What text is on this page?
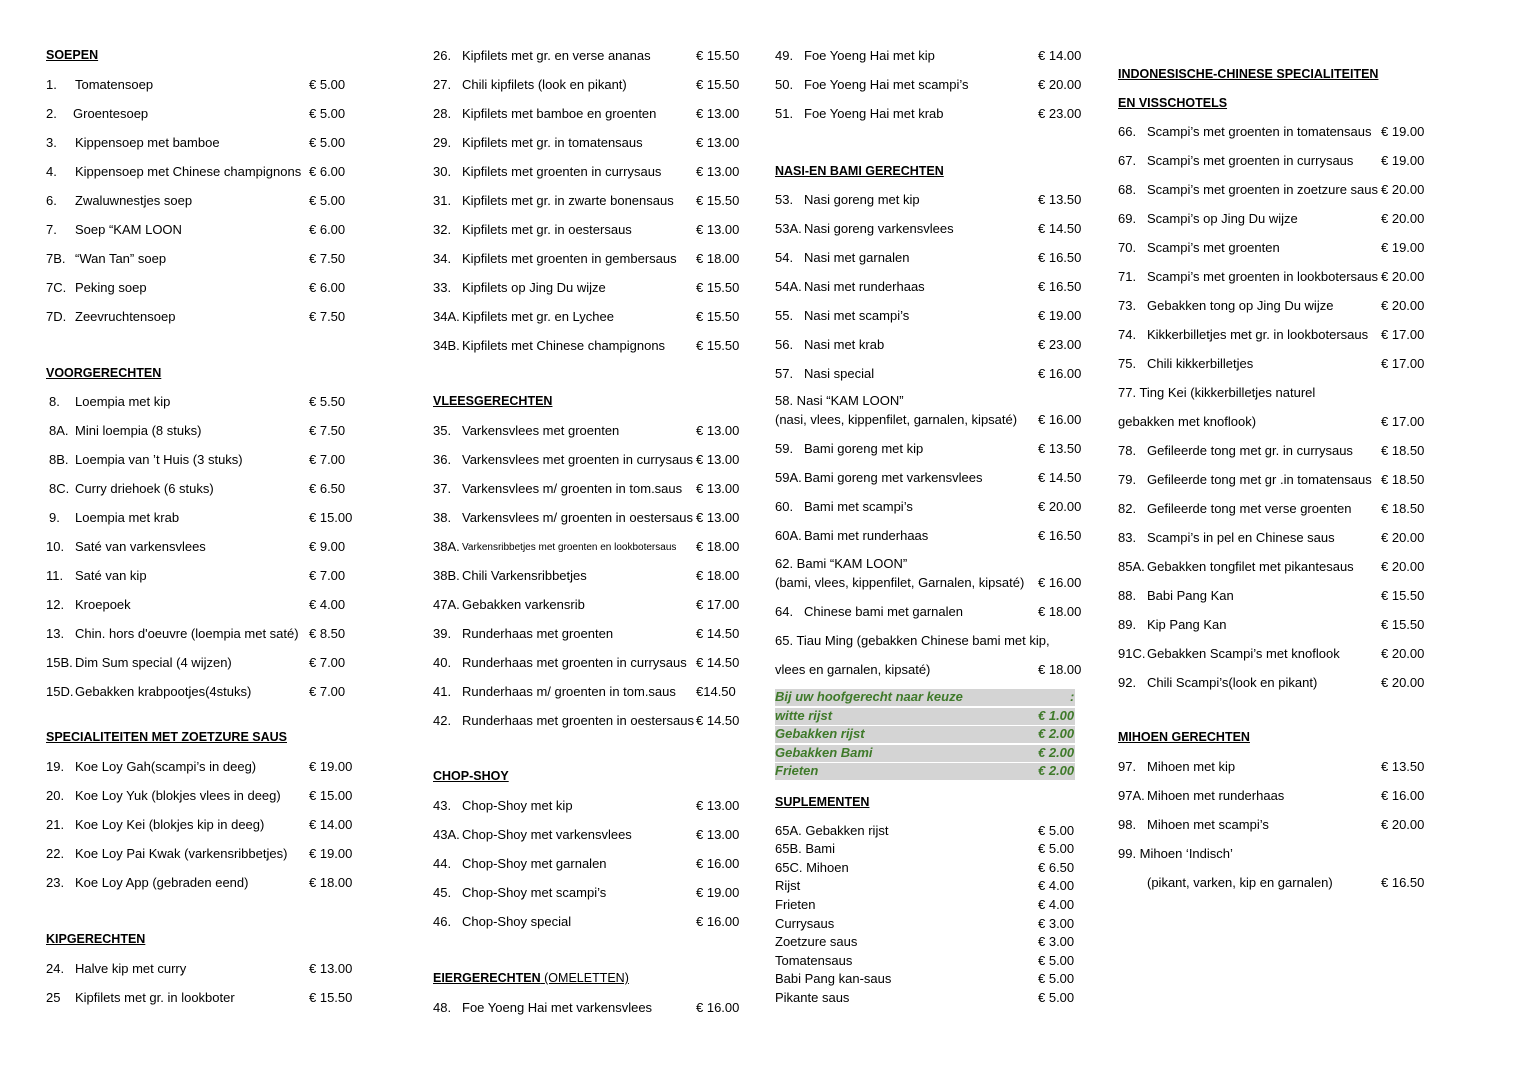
SOEPEN
1. Tomatensoep	€ 5.00
2. Groentesoep	€ 5.00
3. Kippensoep met bamboe	€ 5.00
4. Kippensoep met Chinese champignons € 6.00
6. Zwaluwnestjes soep	€ 5.00
7. Soep “KAM LOON	€ 6.00
7B. “Wan Tan” soep	€ 7.50
7C. Peking soep	€ 6.00
7D. Zeevruchtensoep	€ 7.50
VOORGERECHTEN
8. Loempia met kip	€ 5.50
8A. Mini loempia (8 stuks)	€ 7.50
8B. Loempia van ’t Huis (3 stuks)	€ 7.00
8C. Curry driehoek (6 stuks)	€ 6.50
9. Loempia met krab	€ 15.00
10. Saté van varkensvlees	€ 9.00
11. Saté van kip	€ 7.00
12. Kroepoek	€ 4.00
13. Chin. hors d'oeuvre (loempia met saté) € 8.50
15B. Dim Sum special (4 wijzen)	€ 7.00
15D. Gebakken krabpootjes(4stuks)	€ 7.00
SPECIALITEITEN MET ZOETZURE SAUS
19. Koe Loy Gah(scampi’s in deeg)	€ 19.00
20. Koe Loy Yuk (blokjes vlees in deeg) € 15.00
21. Koe Loy Kei (blokjes kip in deeg)	€ 14.00
22. Koe Loy Pai Kwak (varkensribbetjes) € 19.00
23. Koe Loy App (gebraden eend)	€ 18.00
KIPGERECHTEN
24. Halve kip met curry	€ 13.00
25 Kipfilets met gr. in lookboter	€ 15.50
26. Kipfilets met gr. en verse ananas	€ 15.50
27. Chili kipfilets (look en pikant)	€ 15.50
28. Kipfilets met bamboe en groenten	€ 13.00
29. Kipfilets met gr. in tomatensaus	€ 13.00
30. Kipfilets met groenten in currysaus	€ 13.00
31. Kipfilets met gr. in zwarte bonensaus € 15.50
32. Kipfilets met gr. in oestersaus	€ 13.00
34. Kipfilets met groenten in gembersaus € 18.00
33. Kipfilets op Jing Du wijze	€ 15.50
34A. Kipfilets met gr. en Lychee	€ 15.50
34B. Kipfilets met Chinese champignons € 15.50
VLEESGERECHTEN
35. Varkensvlees met groenten	€ 13.00
36. Varkensvlees met groenten in currysaus € 13.00
37. Varkensvlees m/ groenten in tom.saus € 13.00
38. Varkensvlees m/ groenten in oestersaus € 13.00
38A. Varkensribbetjes met groenten en lookbotersaus € 18.00
38B. Chili Varkensribbetjes	€ 18.00
47A. Gebakken varkensrib	€ 17.00
39. Runderhaas met groenten	€ 14.50
40. Runderhaas met groenten in currysaus € 14.50
41. Runderhaas m/ groenten in tom.saus €14.50
42. Runderhaas met groenten in oestersaus € 14.50
CHOP-SHOY
43. Chop-Shoy met kip	€ 13.00
43A. Chop-Shoy met varkensvlees	€ 13.00
44. Chop-Shoy met garnalen	€ 16.00
45. Chop-Shoy met scampi’s	€ 19.00
46. Chop-Shoy special	€ 16.00
EIERGERECHTEN (OMELETTEN)
48. Foe Yoeng Hai met varkensvlees	€ 16.00
49. Foe Yoeng Hai met kip	€ 14.00
50. Foe Yoeng Hai met scampi’s	€ 20.00
51. Foe Yoeng Hai met krab	€ 23.00
NASI-EN BAMI GERECHTEN
53. Nasi goreng met kip	€ 13.50
53A. Nasi goreng varkensvlees	€ 14.50
54. Nasi met garnalen	€ 16.50
54A. Nasi met runderhaas	€ 16.50
55. Nasi met scampi’s	€ 19.00
56. Nasi met krab	€ 23.00
57. Nasi special	€ 16.00
58. Nasi “KAM LOON”
(nasi, vlees, kippenfilet, garnalen, kipsaté) € 16.00
59. Bami goreng met kip	€ 13.50
59A. Bami goreng met varkensvlees	€ 14.50
60. Bami met scampi’s	€ 20.00
60A. Bami met runderhaas	€ 16.50
62. Bami “KAM LOON”
(bami, vlees, kippenfilet, Garnalen, kipsaté) € 16.00
64. Chinese bami met garnalen	€ 18.00
65. Tiau Ming (gebakken Chinese bami met kip,
vlees en garnalen, kipsaté)	€ 18.00
Bij uw hoofgerecht naar keuze	:
witte rijst	€ 1.00
Gebakken rijst	€ 2.00
Gebakken Bami	€ 2.00
Frieten	€ 2.00
SUPLEMENTEN
65A. Gebakken rijst	€ 5.00
65B. Bami	€ 5.00
65C. Mihoen	€ 6.50
Rijst	€ 4.00
Frieten	€ 4.00
Currysaus	€ 3.00
Zoetzure saus	€ 3.00
Tomatensaus	€ 5.00
Babi Pang kan-saus	€ 5.00
Pikante saus	€ 5.00
INDONESISCHE-CHINESE SPECIALITEITEN
EN VISSCHOTELS
66. Scampi’s met groenten in tomatensaus € 19.00
67. Scampi’s met groenten in currysaus € 19.00
68. Scampi’s met groenten in zoetzure saus € 20.00
69. Scampi’s op Jing Du wijze	€ 20.00
70. Scampi’s met groenten	€ 19.00
71. Scampi’s met groenten in lookbotersaus € 20.00
73. Gebakken tong op Jing Du wijze	€ 20.00
74. Kikkerbilletjes met gr. in lookbotersaus € 17.00
75. Chili kikkerbilletjes	€ 17.00
77. Ting Kei (kikkerbilletjes naturel
gebakken met knoflook)	€ 17.00
78. Gefileerde tong met gr. in currysaus € 18.50
79. Gefileerde tong met gr .in tomatensaus € 18.50
82. Gefileerde tong met verse groenten € 18.50
83. Scampi’s in pel en Chinese saus	€ 20.00
85A. Gebakken tongfilet met pikantesaus € 20.00
88. Babi Pang Kan	€ 15.50
89. Kip Pang Kan	€ 15.50
91C. Gebakken Scampi’s met knoflook	€ 20.00
92. Chili Scampi’s(look en pikant)	€ 20.00
MIHOEN GERECHTEN
97. Mihoen met kip	€ 13.50
97A. Mihoen met runderhaas	€ 16.00
98. Mihoen met scampi’s	€ 20.00
99. Mihoen ‘Indisch’
(pikant, varken, kip en garnalen)	€ 16.50
